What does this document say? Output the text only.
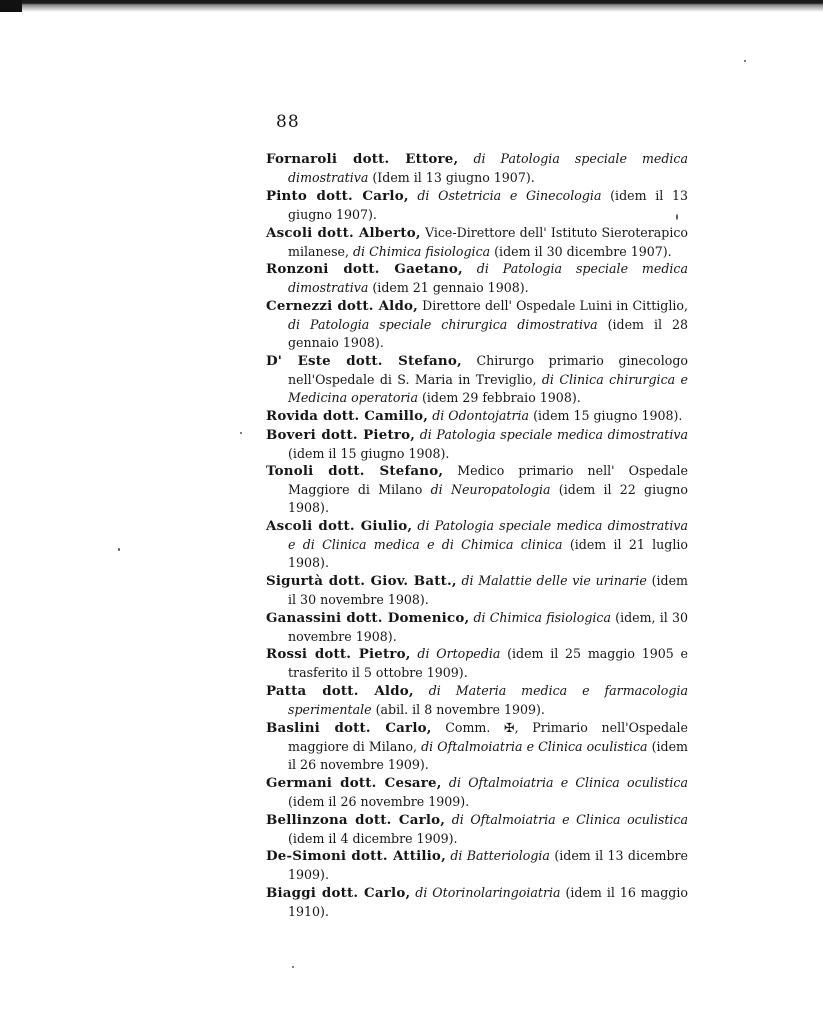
88
Fornaroli dott. Ettore, di Patologia speciale medica dimostrativa (Idem il 13 giugno 1907).
Pinto dott. Carlo, di Ostetricia e Ginecologia (idem il 13 giugno 1907).
Ascoli dott. Alberto, Vice-Direttore dell' Istituto Sieroterapico milanese, di Chimica fisiologica (idem il 30 dicembre 1907).
Ronzoni dott. Gaetano, di Patologia speciale medica dimostrativa (idem 21 gennaio 1908).
Cernezzi dott. Aldo, Direttore dell' Ospedale Luini in Cittiglio, di Patologia speciale chirurgica dimostrativa (idem il 28 gennaio 1908).
D' Este dott. Stefano, Chirurgo primario ginecologo nell'Ospedale di S. Maria in Treviglio, di Clinica chirurgica e Medicina operatoria (idem 29 febbraio 1908).
Rovida dott. Camillo, di Odontojatria (idem 15 giugno 1908).
Boveri dott. Pietro, di Patologia speciale medica dimostrativa (idem il 15 giugno 1908).
Tonoli dott. Stefano, Medico primario nell' Ospedale Maggiore di Milano di Neuropatologia (idem il 22 giugno 1908).
Ascoli dott. Giulio, di Patologia speciale medica dimostrativa e di Clinica medica e di Chimica clinica (idem il 21 luglio 1908).
Sigurtà dott. Giov. Batt., di Malattie delle vie urinarie (idem il 30 novembre 1908).
Ganassini dott. Domenico, di Chimica fisiologica (idem, il 30 novembre 1908).
Rossi dott. Pietro, di Ortopedia (idem il 25 maggio 1905 e trasferito il 5 ottobre 1909).
Patta dott. Aldo, di Materia medica e farmacologia sperimentale (abil. il 8 novembre 1909).
Baslini dott. Carlo, Comm. ✠, Primario nell'Ospedale maggiore di Milano, di Oftalmoiatria e Clinica oculistica (idem il 26 novembre 1909).
Germani dott. Cesare, di Oftalmoiatria e Clinica oculistica (idem il 26 novembre 1909).
Bellinzona dott. Carlo, di Oftalmoiatria e Clinica oculistica (idem il 4 dicembre 1909).
De-Simoni dott. Attilio, di Batteriologia (idem il 13 dicembre 1909).
Biaggi dott. Carlo, di Otorinolaringoiatria (idem il 16 maggio 1910).
